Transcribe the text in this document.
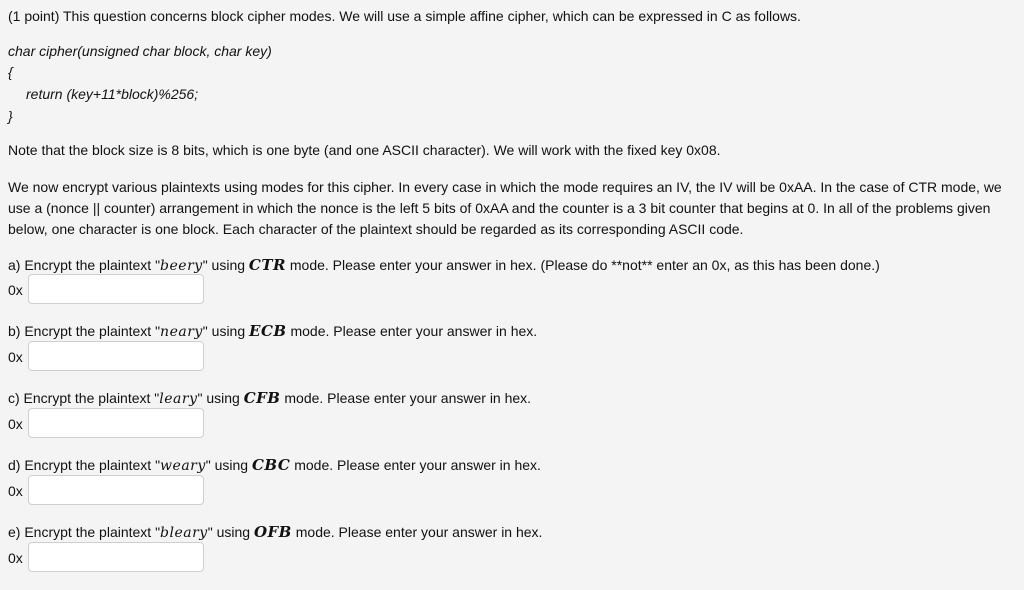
(1 point) This question concerns block cipher modes. We will use a simple affine cipher, which can be expressed in C as follows.

char cipher(unsigned char block, char key)

{

return (key+11*block)%256;

}

Note that the block size is 8 bits, which is one byte (and one ASCII character). We will work with the fixed key 0x08.

We now encrypt various plaintexts using modes for this cipher. In every case in which the mode requires an IV, the IV will be 0xAA. In the case of CTR mode, we use a (nonce || counter) arrangement in which the nonce is the left 5 bits of 0xAA and the counter is a 3 bit counter that begins at 0. In all of the problems given below, one character is one block. Each character of the plaintext should be regarded as its corresponding ASCII code.

a) Encrypt the plaintext "beery" using CTR mode. Please enter your answer in hex. (Please do **not** enter an 0x, as this has been done.)

0x

b) Encrypt the plaintext "neary" using ECB mode. Please enter your answer in hex.

0x

c) Encrypt the plaintext "leary" using CFB mode. Please enter your answer in hex.

0x

d) Encrypt the plaintext "weary" using CBC mode. Please enter your answer in hex.

0x

e) Encrypt the plaintext "bleary" using OFB mode. Please enter your answer in hex.

0x
